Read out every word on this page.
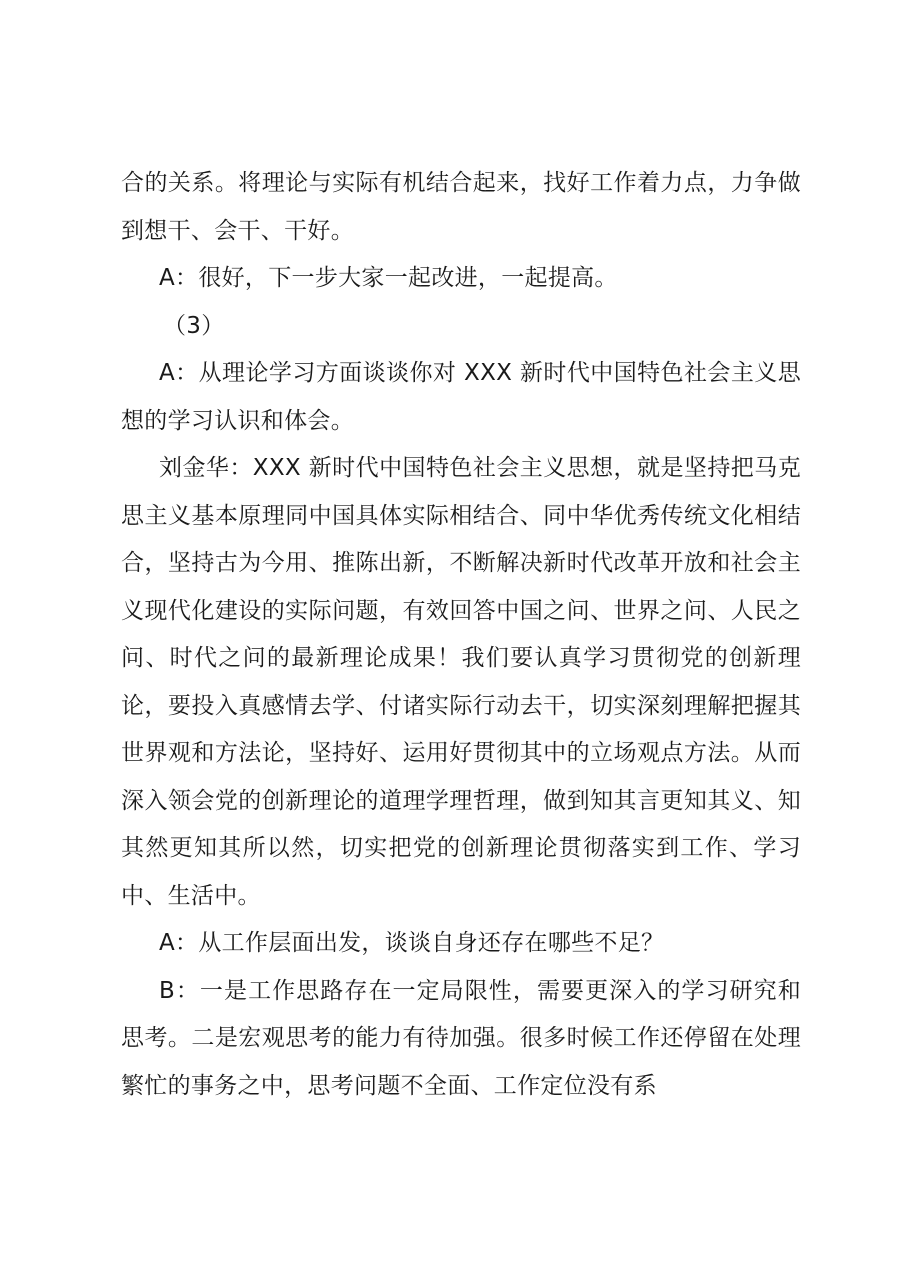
合的关系。将理论与实际有机结合起来，找好工作着力点，力争做到想干、会干、干好。

A：很好，下一步大家一起改进，一起提高。

（3）

A：从理论学习方面谈谈你对 XXX 新时代中国特色社会主义思想的学习认识和体会。

刘金华：XXX 新时代中国特色社会主义思想，就是坚持把马克思主义基本原理同中国具体实际相结合、同中华优秀传统文化相结合，坚持古为今用、推陈出新，不断解决新时代改革开放和社会主义现代化建设的实际问题，有效回答中国之问、世界之问、人民之问、时代之问的最新理论成果！我们要认真学习贯彻党的创新理论，要投入真感情去学、付诸实际行动去干，切实深刻理解把握其世界观和方法论，坚持好、运用好贯彻其中的立场观点方法。从而深入领会党的创新理论的道理学理哲理，做到知其言更知其义、知其然更知其所以然，切实把党的创新理论贯彻落实到工作、学习中、生活中。

A：从工作层面出发，谈谈自身还存在哪些不足？

B：一是工作思路存在一定局限性，需要更深入的学习研究和思考。二是宏观思考的能力有待加强。很多时候工作还停留在处理繁忙的事务之中，思考问题不全面、工作定位没有系
